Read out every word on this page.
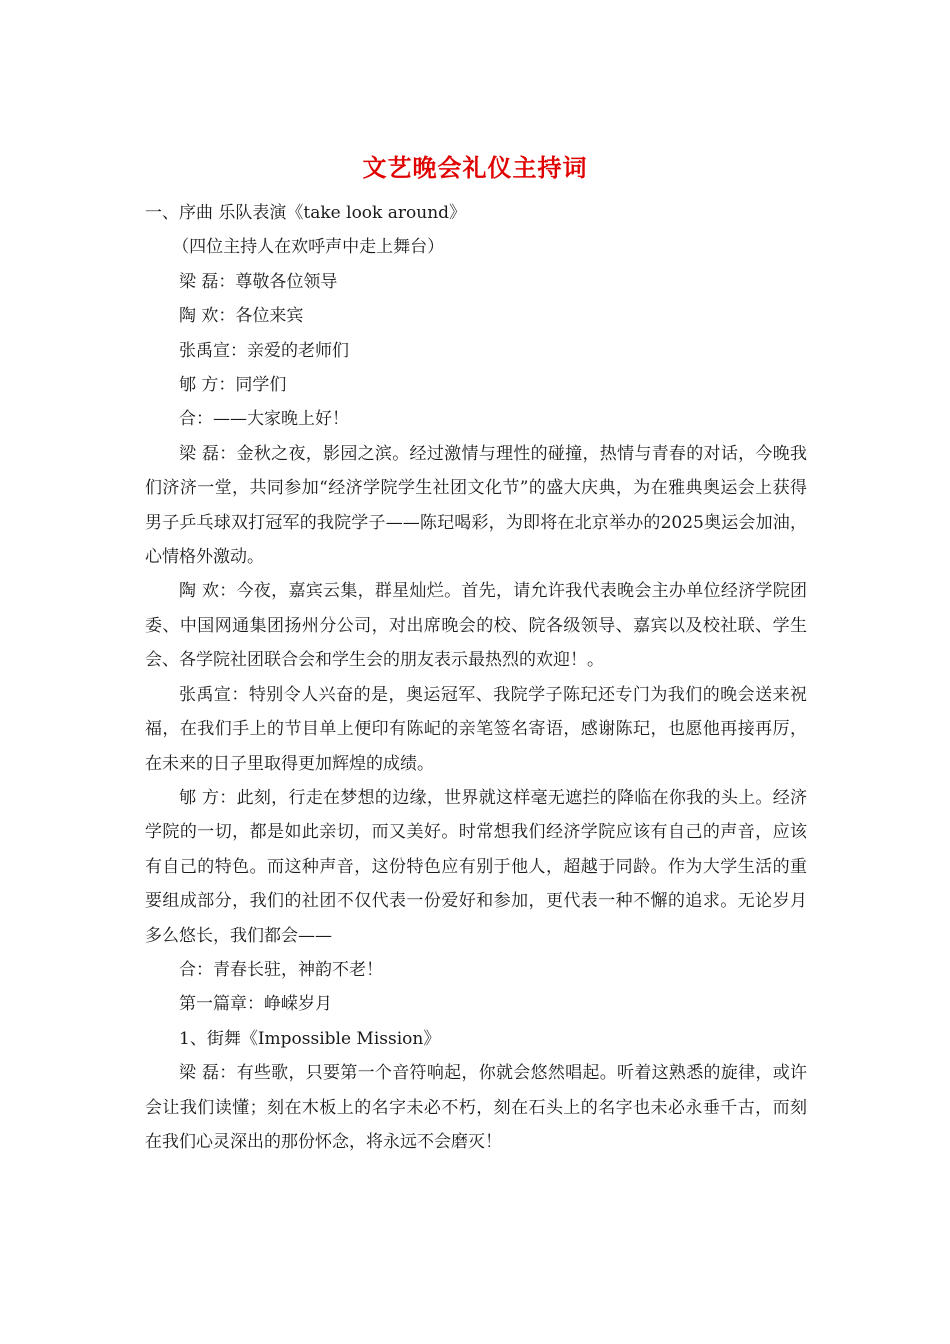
文艺晚会礼仪主持词

一、序曲 乐队表演《take look around》

（四位主持人在欢呼声中走上舞台）

梁 磊：尊敬各位领导

陶 欢：各位来宾

张禹宣：亲爱的老师们

郇 方：同学们

合：——大家晚上好！

梁 磊：金秋之夜，影园之滨。经过激情与理性的碰撞，热情与青春的对话，今晚我们济济一堂，共同参加“经济学院学生社团文化节”的盛大庆典，为在雅典奥运会上获得男子乒乓球双打冠军的我院学子——陈玘喝彩，为即将在北京举办的2025奥运会加油，心情格外激动。

陶 欢：今夜，嘉宾云集，群星灿烂。首先，请允许我代表晚会主办单位经济学院团委、中国网通集团扬州分公司，对出席晚会的校、院各级领导、嘉宾以及校社联、学生会、各学院社团联合会和学生会的朋友表示最热烈的欢迎！。

张禹宣：特别令人兴奋的是，奥运冠军、我院学子陈玘还专门为我们的晚会送来祝福，在我们手上的节目单上便印有陈屺的亲笔签名寄语，感谢陈玘，也愿他再接再厉，在未来的日子里取得更加辉煌的成绩。

郇 方：此刻，行走在梦想的边缘，世界就这样毫无遮拦的降临在你我的头上。经济学院的一切，都是如此亲切，而又美好。时常想我们经济学院应该有自己的声音，应该有自己的特色。而这种声音，这份特色应有别于他人，超越于同龄。作为大学生活的重要组成部分，我们的社团不仅代表一份爱好和参加，更代表一种不懈的追求。无论岁月多么悠长，我们都会——

合：青春长驻，神韵不老！

第一篇章：峥嵘岁月

1、街舞《Impossible Mission》

梁 磊：有些歌，只要第一个音符响起，你就会悠然唱起。听着这熟悉的旋律，或许会让我们读懂；刻在木板上的名字未必不朽，刻在石头上的名字也未必永垂千古，而刻在我们心灵深出的那份怀念，将永远不会磨灭！
